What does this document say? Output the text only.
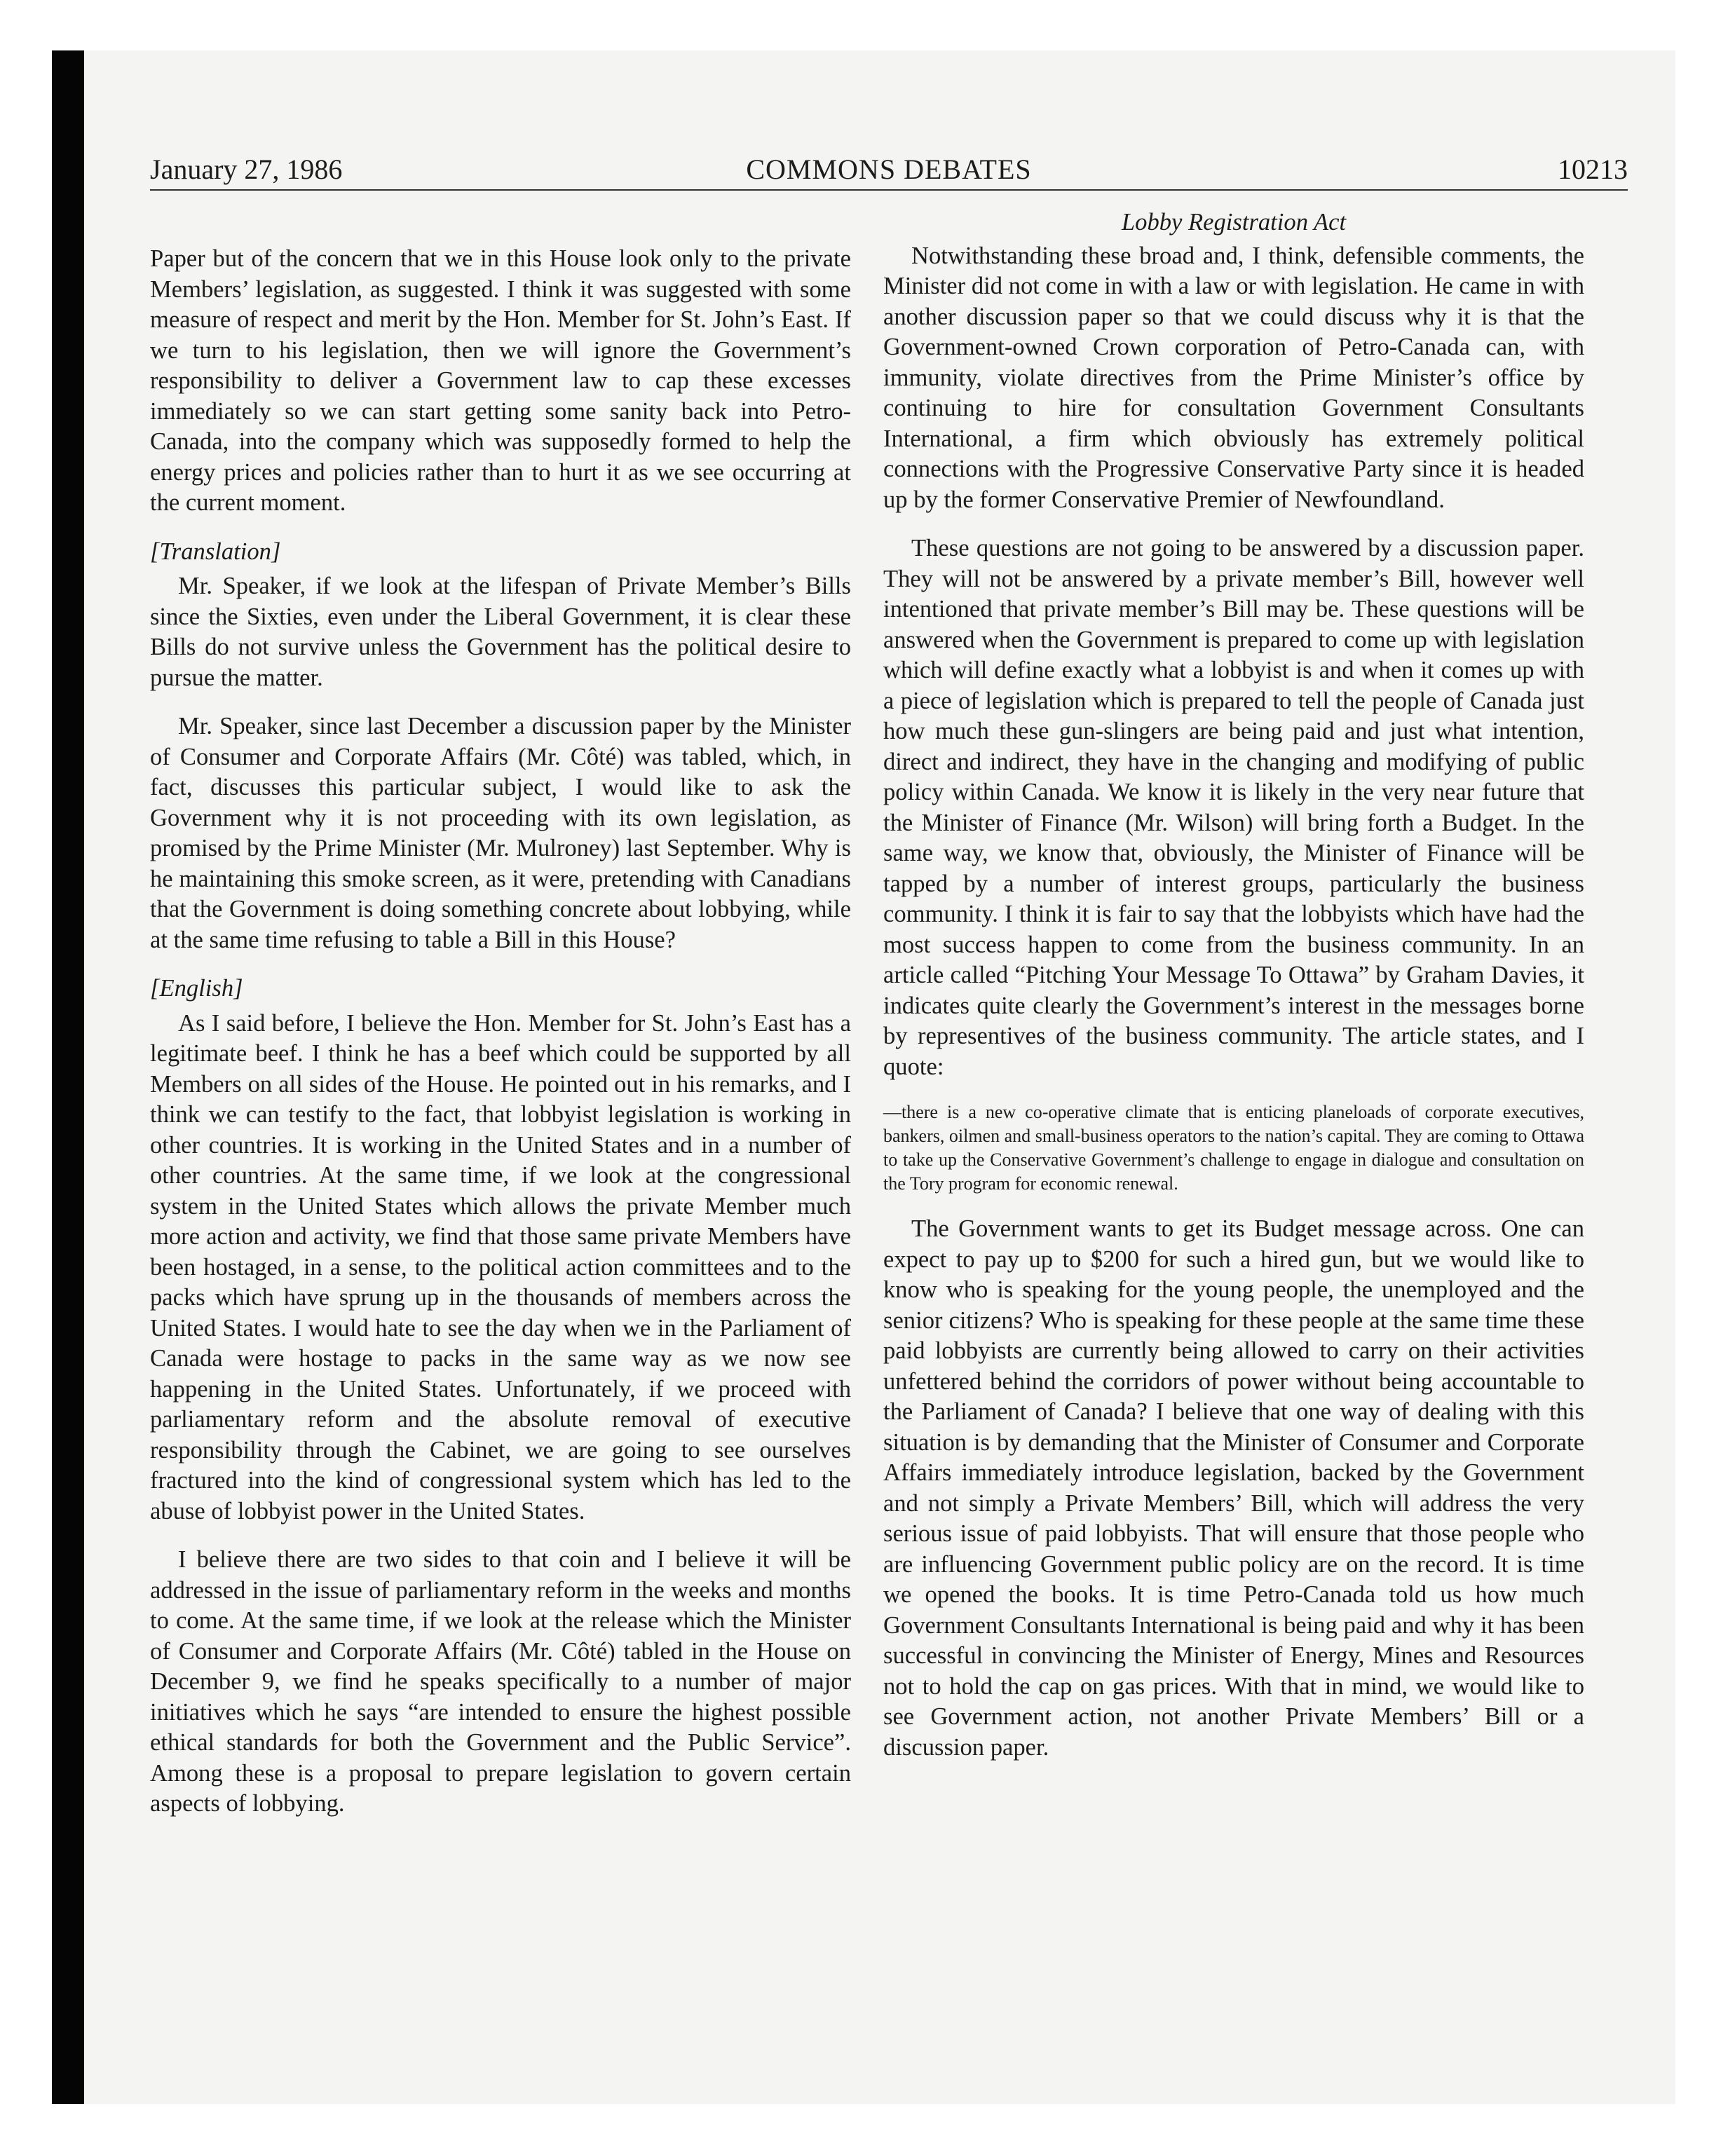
January 27, 1986	COMMONS DEBATES	10213

Paper but of the concern that we in this House look only to the private Members’ legislation, as suggested. I think it was suggested with some measure of respect and merit by the Hon. Member for St. John’s East. If we turn to his legislation, then we will ignore the Government’s responsibility to deliver a Government law to cap these excesses immediately so we can start getting some sanity back into Petro-Canada, into the company which was supposedly formed to help the energy prices and policies rather than to hurt it as we see occurring at the current moment.

[Translation]

Mr. Speaker, if we look at the lifespan of Private Member’s Bills since the Sixties, even under the Liberal Government, it is clear these Bills do not survive unless the Government has the political desire to pursue the matter.

Mr. Speaker, since last December a discussion paper by the Minister of Consumer and Corporate Affairs (Mr. Côté) was tabled, which, in fact, discusses this particular subject, I would like to ask the Government why it is not proceeding with its own legislation, as promised by the Prime Minister (Mr. Mulroney) last September. Why is he maintaining this smoke screen, as it were, pretending with Canadians that the Government is doing something concrete about lobbying, while at the same time refusing to table a Bill in this House?

[English]

As I said before, I believe the Hon. Member for St. John’s East has a legitimate beef. I think he has a beef which could be supported by all Members on all sides of the House. He pointed out in his remarks, and I think we can testify to the fact, that lobbyist legislation is working in other countries. It is working in the United States and in a number of other countries. At the same time, if we look at the congressional system in the United States which allows the private Member much more action and activity, we find that those same private Members have been hostaged, in a sense, to the political action committees and to the packs which have sprung up in the thousands of members across the United States. I would hate to see the day when we in the Parliament of Canada were hostage to packs in the same way as we now see happening in the United States. Unfortunately, if we proceed with parliamentary reform and the absolute removal of executive responsibility through the Cabinet, we are going to see ourselves fractured into the kind of congressional system which has led to the abuse of lobbyist power in the United States.

I believe there are two sides to that coin and I believe it will be addressed in the issue of parliamentary reform in the weeks and months to come. At the same time, if we look at the release which the Minister of Consumer and Corporate Affairs (Mr. Côté) tabled in the House on December 9, we find he speaks specifically to a number of major initiatives which he says “are intended to ensure the highest possible ethical standards for both the Government and the Public Service”. Among these is a proposal to prepare legislation to govern certain aspects of lobbying.

Lobby Registration Act

Notwithstanding these broad and, I think, defensible comments, the Minister did not come in with a law or with legislation. He came in with another discussion paper so that we could discuss why it is that the Government-owned Crown corporation of Petro-Canada can, with immunity, violate directives from the Prime Minister’s office by continuing to hire for consultation Government Consultants International, a firm which obviously has extremely political connections with the Progressive Conservative Party since it is headed up by the former Conservative Premier of Newfoundland.

These questions are not going to be answered by a discussion paper. They will not be answered by a private member’s Bill, however well intentioned that private member’s Bill may be. These questions will be answered when the Government is prepared to come up with legislation which will define exactly what a lobbyist is and when it comes up with a piece of legislation which is prepared to tell the people of Canada just how much these gun-slingers are being paid and just what intention, direct and indirect, they have in the changing and modifying of public policy within Canada. We know it is likely in the very near future that the Minister of Finance (Mr. Wilson) will bring forth a Budget. In the same way, we know that, obviously, the Minister of Finance will be tapped by a number of interest groups, particularly the business community. I think it is fair to say that the lobbyists which have had the most success happen to come from the business community. In an article called “Pitching Your Message To Ottawa” by Graham Davies, it indicates quite clearly the Government’s interest in the messages borne by representives of the business community. The article states, and I quote:

—there is a new co-operative climate that is enticing planeloads of corporate executives, bankers, oilmen and small-business operators to the nation’s capital. They are coming to Ottawa to take up the Conservative Government’s challenge to engage in dialogue and consultation on the Tory program for economic renewal.

The Government wants to get its Budget message across. One can expect to pay up to $200 for such a hired gun, but we would like to know who is speaking for the young people, the unemployed and the senior citizens? Who is speaking for these people at the same time these paid lobbyists are currently being allowed to carry on their activities unfettered behind the corridors of power without being accountable to the Parliament of Canada? I believe that one way of dealing with this situation is by demanding that the Minister of Consumer and Corporate Affairs immediately introduce legislation, backed by the Government and not simply a Private Members’ Bill, which will address the very serious issue of paid lobbyists. That will ensure that those people who are influencing Government public policy are on the record. It is time we opened the books. It is time Petro-Canada told us how much Government Consultants International is being paid and why it has been successful in convincing the Minister of Energy, Mines and Resources not to hold the cap on gas prices. With that in mind, we would like to see Government action, not another Private Members’ Bill or a discussion paper.
